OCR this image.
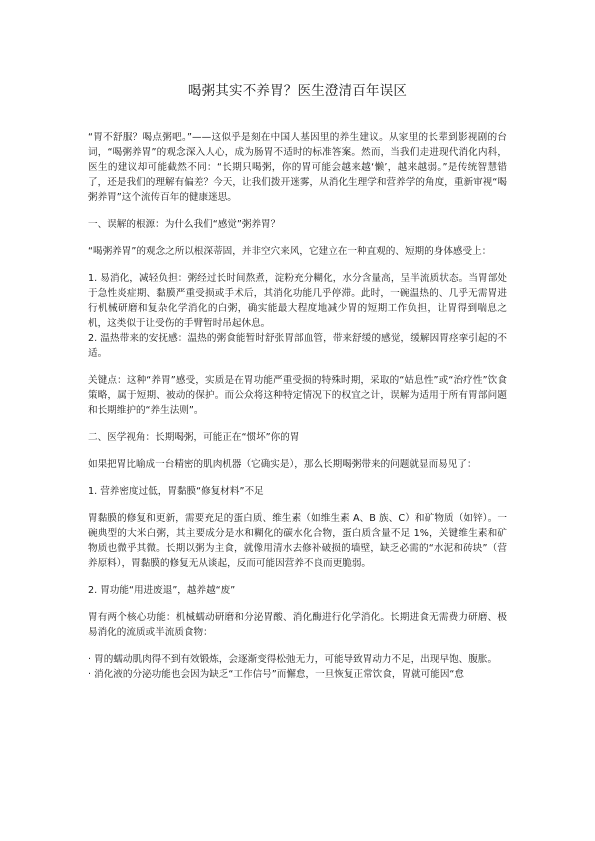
喝粥其实不养胃？医生澄清百年误区

“胃不舒服？喝点粥吧。”——这似乎是刻在中国人基因里的养生建议。从家里的长辈到影视剧的台词，“喝粥养胃”的观念深入人心，成为肠胃不适时的标准答案。然而，当我们走进现代消化内科，医生的建议却可能截然不同：“长期只喝粥，你的胃可能会越来越‘懒’，越来越弱。”是传统智慧错了，还是我们的理解有偏差？今天，让我们拨开迷雾，从消化生理学和营养学的角度，重新审视“喝粥养胃”这个流传百年的健康迷思。

一、误解的根源：为什么我们“感觉”粥养胃？

“喝粥养胃”的观念之所以根深蒂固，并非空穴来风，它建立在一种直观的、短期的身体感受上：

1. 易消化，减轻负担：粥经过长时间熬煮，淀粉充分糊化，水分含量高，呈半流质状态。当胃部处于急性炎症期、黏膜严重受损或手术后，其消化功能几乎停滞。此时，一碗温热的、几乎无需胃进行机械研磨和复杂化学消化的白粥，确实能最大程度地减少胃的短期工作负担，让胃得到喘息之机，这类似于让受伤的手臂暂时吊起休息。

2. 温热带来的安抚感：温热的粥食能暂时舒张胃部血管，带来舒缓的感觉，缓解因胃痉挛引起的不适。

关键点：这种“养胃”感受，实质是在胃功能严重受损的特殊时期，采取的“姑息性”或“治疗性”饮食策略，属于短期、被动的保护。而公众将这种特定情况下的权宜之计，误解为适用于所有胃部问题和长期维护的“养生法则”。

二、医学视角：长期喝粥，可能正在“惯坏”你的胃

如果把胃比喻成一台精密的肌肉机器（它确实是），那么长期喝粥带来的问题就显而易见了：

1. 营养密度过低，胃黏膜“修复材料”不足

胃黏膜的修复和更新，需要充足的蛋白质、维生素（如维生素 A、B 族、C）和矿物质（如锌）。一碗典型的大米白粥，其主要成分是水和糊化的碳水化合物，蛋白质含量不足 1%，关键维生素和矿物质也微乎其微。长期以粥为主食，就像用清水去修补破损的墙壁，缺乏必需的“水泥和砖块”（营养原料），胃黏膜的修复无从谈起，反而可能因营养不良而更脆弱。

2. 胃功能“用进废退”，越养越“废”

胃有两个核心功能：机械蠕动研磨和分泌胃酸、消化酶进行化学消化。长期进食无需费力研磨、极易消化的流质或半流质食物：

· 胃的蠕动肌肉得不到有效锻炼，会逐渐变得松弛无力，可能导致胃动力不足，出现早饱、腹胀。

· 消化液的分泌功能也会因为缺乏“工作信号”而懈怠，一旦恢复正常饮食，胃就可能因“怠
